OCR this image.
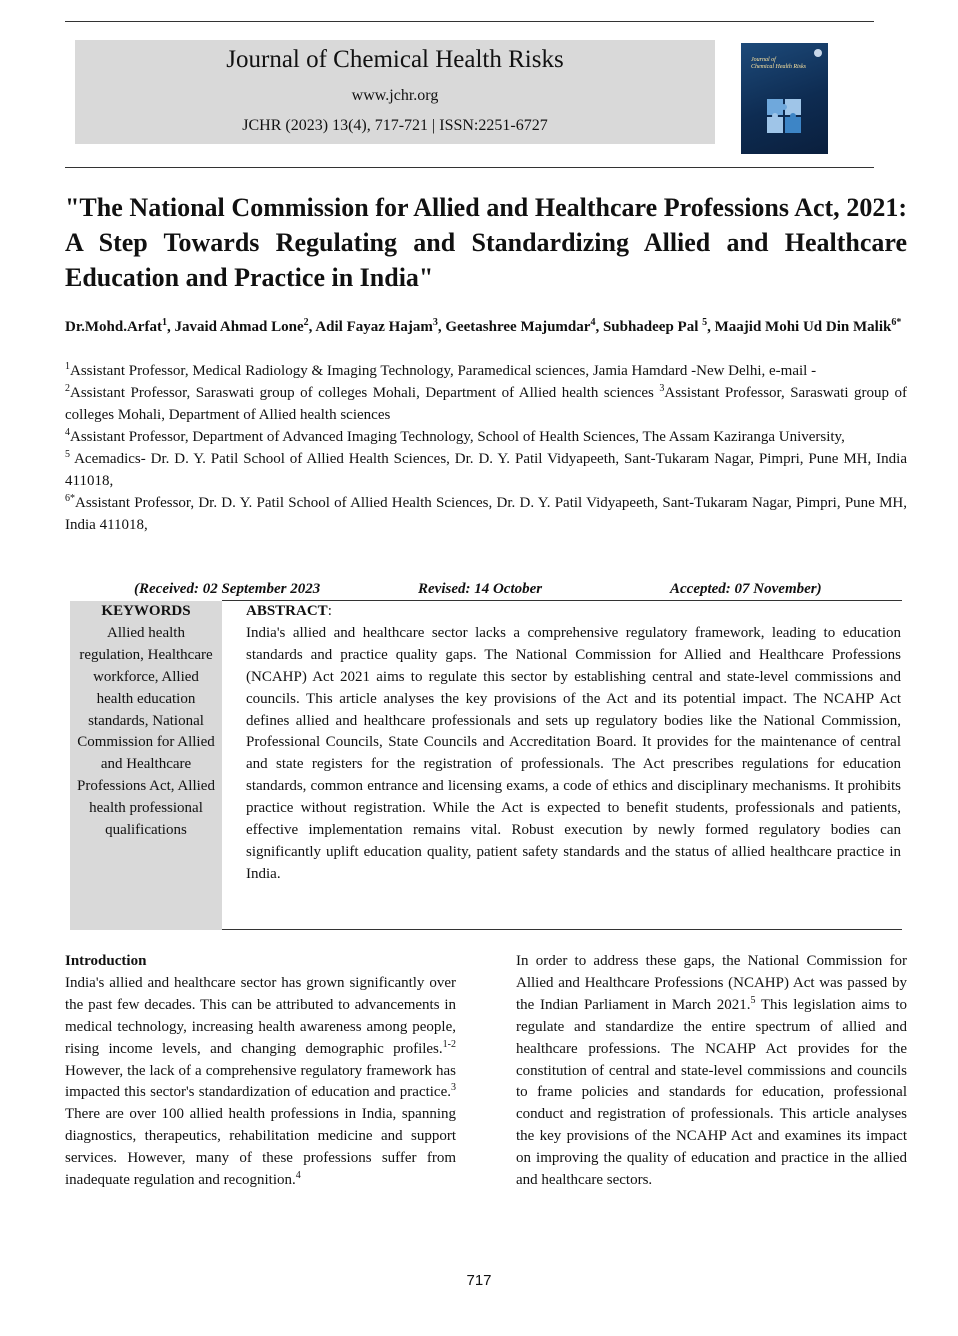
Journal of Chemical Health Risks
www.jchr.org
JCHR (2023) 13(4), 717-721 | ISSN:2251-6727
Journal of
Chemical Health Risks
"The National Commission for Allied and Healthcare Professions Act, 2021: A Step Towards Regulating and Standardizing Allied and Healthcare Education and Practice in India"
Dr.Mohd.Arfat$^1$, Javaid Ahmad Lone$^2$, Adil Fayaz Hajam$^3$, Geetashree Majumdar$^4$, Subhadeep Pal $^5$, Maajid Mohi Ud Din Malik$^{6*}$

$^1$Assistant Professor, Medical Radiology & Imaging Technology, Paramedical sciences, Jamia Hamdard -New Delhi, e-mail -

$^2$Assistant Professor, Saraswati group of colleges Mohali, Department of Allied health sciences $^3$Assistant Professor, Saraswati group of colleges Mohali, Department of Allied health sciences

$^4$Assistant Professor, Department of Advanced Imaging Technology, School of Health Sciences, The Assam Kaziranga University,

$^5$ Acemadics- Dr. D. Y. Patil School of Allied Health Sciences, Dr. D. Y. Patil Vidyapeeth, Sant-Tukaram Nagar, Pimpri, Pune MH, India 411018,

$^{6*}$Assistant Professor, Dr. D. Y. Patil School of Allied Health Sciences, Dr. D. Y. Patil Vidyapeeth, Sant-Tukaram Nagar, Pimpri, Pune MH, India 411018,

(Received: 02 September 2023	Revised: 14 October	Accepted: 07 November)
KEYWORDS
Allied health regulation, Healthcare workforce, Allied health education standards, National Commission for Allied and Healthcare Professions Act, Allied health professional qualifications
ABSTRACT:
India's allied and healthcare sector lacks a comprehensive regulatory framework, leading to education standards and practice quality gaps. The National Commission for Allied and Healthcare Professions (NCAHP) Act 2021 aims to regulate this sector by establishing central and state-level commissions and councils. This article analyses the key provisions of the Act and its potential impact. The NCAHP Act defines allied and healthcare professionals and sets up regulatory bodies like the National Commission, Professional Councils, State Councils and Accreditation Board. It provides for the maintenance of central and state registers for the registration of professionals. The Act prescribes regulations for education standards, common entrance and licensing exams, a code of ethics and disciplinary mechanisms. It prohibits practice without registration. While the Act is expected to benefit students, professionals and patients, effective implementation remains vital. Robust execution by newly formed regulatory bodies can significantly uplift education quality, patient safety standards and the status of allied healthcare practice in India.
Introduction
India's allied and healthcare sector has grown significantly over the past few decades. This can be attributed to advancements in medical technology, increasing health awareness among people, rising income levels, and changing demographic profiles.$^{1-2}$ However, the lack of a comprehensive regulatory framework has impacted this sector's standardization of education and practice.$^3$ There are over 100 allied health professions in India, spanning diagnostics, therapeutics, rehabilitation medicine and support services. However, many of these professions suffer from inadequate regulation and recognition.$^4$
In order to address these gaps, the National Commission for Allied and Healthcare Professions (NCAHP) Act was passed by the Indian Parliament in March 2021.$^5$ This legislation aims to regulate and standardize the entire spectrum of allied and healthcare professions. The NCAHP Act provides for the constitution of central and state-level commissions and councils to frame policies and standards for education, professional conduct and registration of professionals. This article analyses the key provisions of the NCAHP Act and examines its impact on improving the quality of education and practice in the allied and healthcare sectors.
717
